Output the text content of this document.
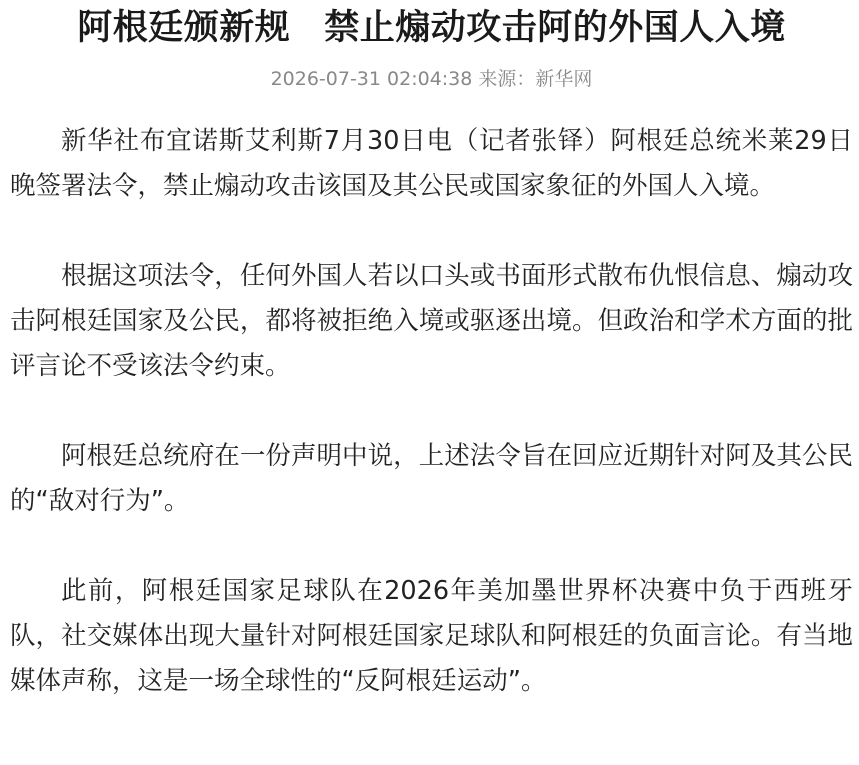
阿根廷颁新规 禁止煽动攻击阿的外国人入境
2026-07-31 02:04:38 来源：新华网

新华社布宜诺斯艾利斯7月30日电（记者张铎）阿根廷总统米莱29日晚签署法令，禁止煽动攻击该国及其公民或国家象征的外国人入境。

根据这项法令，任何外国人若以口头或书面形式散布仇恨信息、煽动攻击阿根廷国家及公民，都将被拒绝入境或驱逐出境。但政治和学术方面的批评言论不受该法令约束。

阿根廷总统府在一份声明中说，上述法令旨在回应近期针对阿及其公民的“敌对行为”。

此前，阿根廷国家足球队在2026年美加墨世界杯决赛中负于西班牙队，社交媒体出现大量针对阿根廷国家足球队和阿根廷的负面言论。有当地媒体声称，这是一场全球性的“反阿根廷运动”。
